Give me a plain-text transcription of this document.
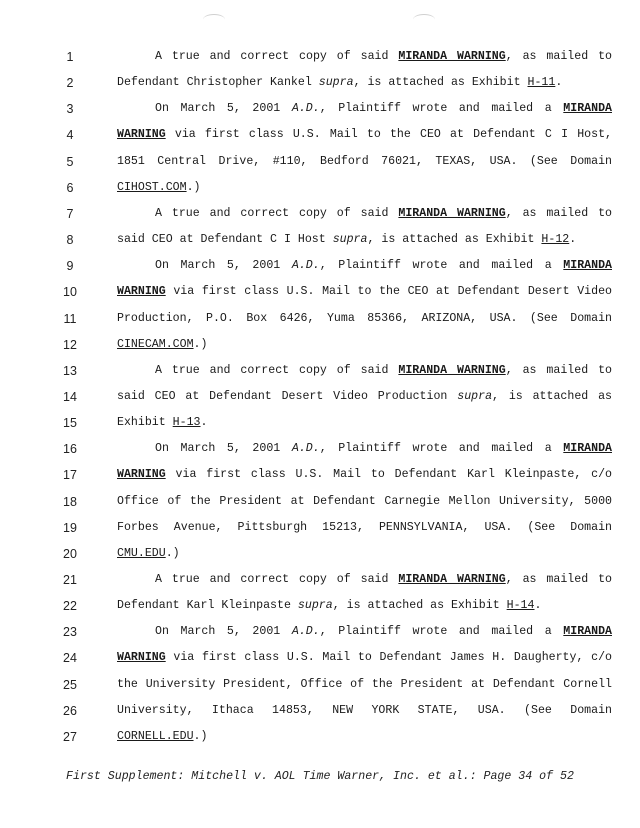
1	A true and correct copy of said MIRANDA WARNING, as mailed to
2	Defendant Christopher Kankel supra, is attached as Exhibit H-11.
3	On March 5, 2001 A.D., Plaintiff wrote and mailed a MIRANDA
4	WARNING via first class U.S. Mail to the CEO at Defendant C I Host,
5	1851 Central Drive, #110, Bedford 76021, TEXAS, USA. (See Domain
6	CIHOST.COM.)
7	A true and correct copy of said MIRANDA WARNING, as mailed to
8	said CEO at Defendant C I Host supra, is attached as Exhibit H-12.
9	On March 5, 2001 A.D., Plaintiff wrote and mailed a MIRANDA
10	WARNING via first class U.S. Mail to the CEO at Defendant Desert Video
11	Production, P.O. Box 6426, Yuma 85366, ARIZONA, USA. (See Domain
12	CINECAM.COM.)
13	A true and correct copy of said MIRANDA WARNING, as mailed to
14	said CEO at Defendant Desert Video Production supra, is attached as
15	Exhibit H-13.
16	On March 5, 2001 A.D., Plaintiff wrote and mailed a MIRANDA
17	WARNING via first class U.S. Mail to Defendant Karl Kleinpaste, c/o
18	Office of the President at Defendant Carnegie Mellon University, 5000
19	Forbes Avenue, Pittsburgh 15213, PENNSYLVANIA, USA. (See Domain
20	CMU.EDU.)
21	A true and correct copy of said MIRANDA WARNING, as mailed to
22	Defendant Karl Kleinpaste supra, is attached as Exhibit H-14.
23	On March 5, 2001 A.D., Plaintiff wrote and mailed a MIRANDA
24	WARNING via first class U.S. Mail to Defendant James H. Daugherty, c/o
25	the University President, Office of the President at Defendant Cornell
26	University, Ithaca 14853, NEW YORK STATE, USA. (See Domain
27	CORNELL.EDU.)
First Supplement: Mitchell v. AOL Time Warner, Inc. et al.: Page 34 of 52
